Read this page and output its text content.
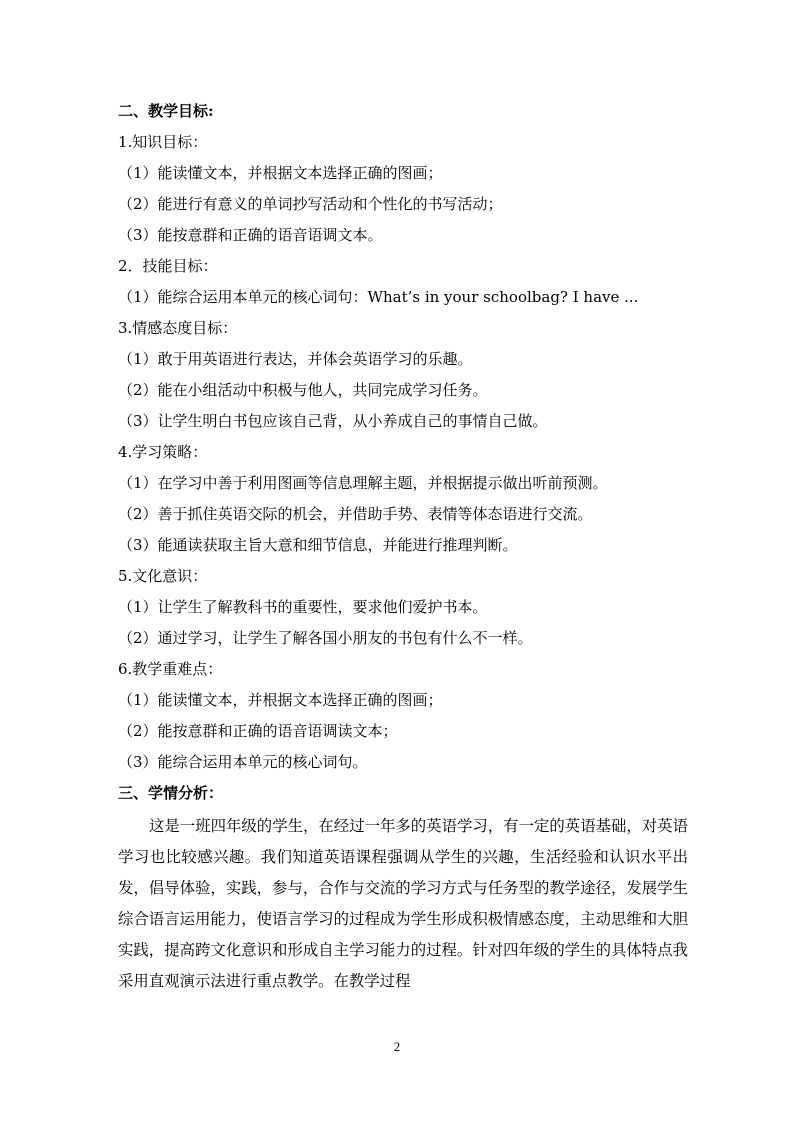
二、教学目标:
1.知识目标：
（1）能读懂文本，并根据文本选择正确的图画；
（2）能进行有意义的单词抄写活动和个性化的书写活动；
（3）能按意群和正确的语音语调文本。
2．技能目标：
（1）能综合运用本单元的核心词句：What’s in your schoolbag? I have ...
3.情感态度目标：
（1）敢于用英语进行表达，并体会英语学习的乐趣。
（2）能在小组活动中积极与他人，共同完成学习任务。
（3）让学生明白书包应该自己背，从小养成自己的事情自己做。
4.学习策略：
（1）在学习中善于利用图画等信息理解主题，并根据提示做出听前预测。
（2）善于抓住英语交际的机会，并借助手势、表情等体态语进行交流。
（3）能通读获取主旨大意和细节信息，并能进行推理判断。
5.文化意识：
（1）让学生了解教科书的重要性，要求他们爱护书本。
（2）通过学习，让学生了解各国小朋友的书包有什么不一样。
6.教学重难点：
（1）能读懂文本，并根据文本选择正确的图画；
（2）能按意群和正确的语音语调读文本；
（3）能综合运用本单元的核心词句。
三、学情分析：
这是一班四年级的学生，在经过一年多的英语学习，有一定的英语基础，对英语学习也比较感兴趣。我们知道英语课程强调从学生的兴趣，生活经验和认识水平出发，倡导体验，实践，参与，合作与交流的学习方式与任务型的教学途径，发展学生综合语言运用能力，使语言学习的过程成为学生形成积极情感态度，主动思维和大胆实践，提高跨文化意识和形成自主学习能力的过程。针对四年级的学生的具体特点我采用直观演示法进行重点教学。在教学过程
2
